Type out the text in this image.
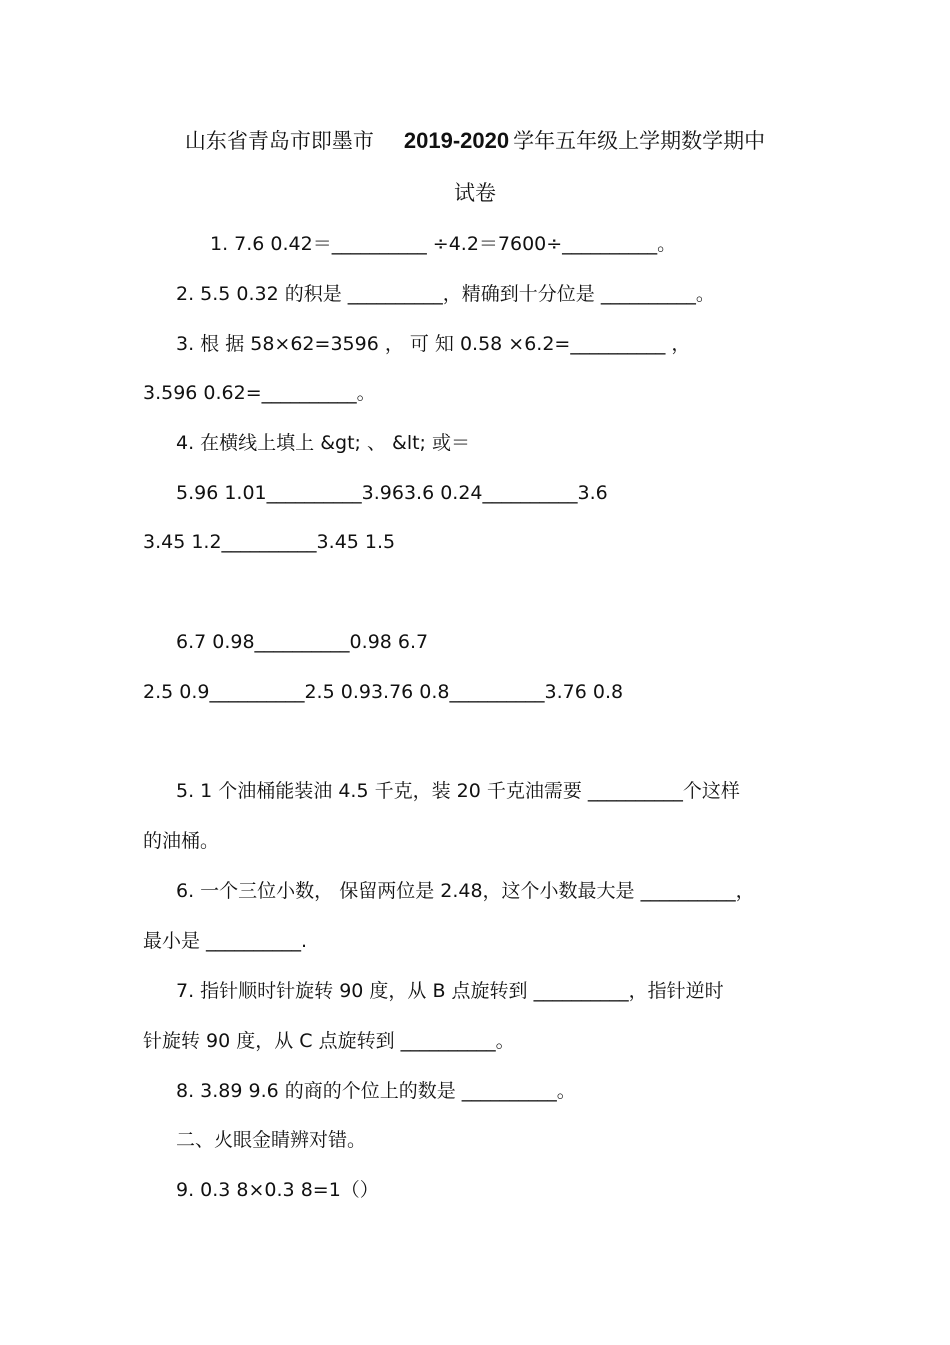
山东省青岛市即墨市 2019-2020 学年五年级上学期数学期中
试卷
1. 7.6 0.42＝__________ ÷4.2＝7600÷__________。
2. 5.5 0.32 的积是 __________，精确到十分位是 __________。
3. 根 据 58×62=3596 ， 可 知 0.58 ×6.2=__________ ，
3.596 0.62=__________。
4. 在横线上填上 &gt; 、 &lt; 或＝
5.96 1.01__________3.963.6 0.24__________3.6
3.45 1.2__________3.45 1.5
6.7 0.98__________0.98 6.7
2.5 0.9__________2.5 0.93.76 0.8__________3.76 0.8
5. 1 个油桶能装油 4.5 千克，装 20 千克油需要 __________个这样
的油桶。
6. 一个三位小数， 保留两位是 2.48，这个小数最大是 __________，
最小是 __________.
7. 指针顺时针旋转 90 度，从 B 点旋转到 __________，指针逆时
针旋转 90 度，从 C 点旋转到 __________。
8. 3.89 9.6 的商的个位上的数是 __________。
二、火眼金睛辨对错。
9. 0.3 8×0.3 8=1（）
